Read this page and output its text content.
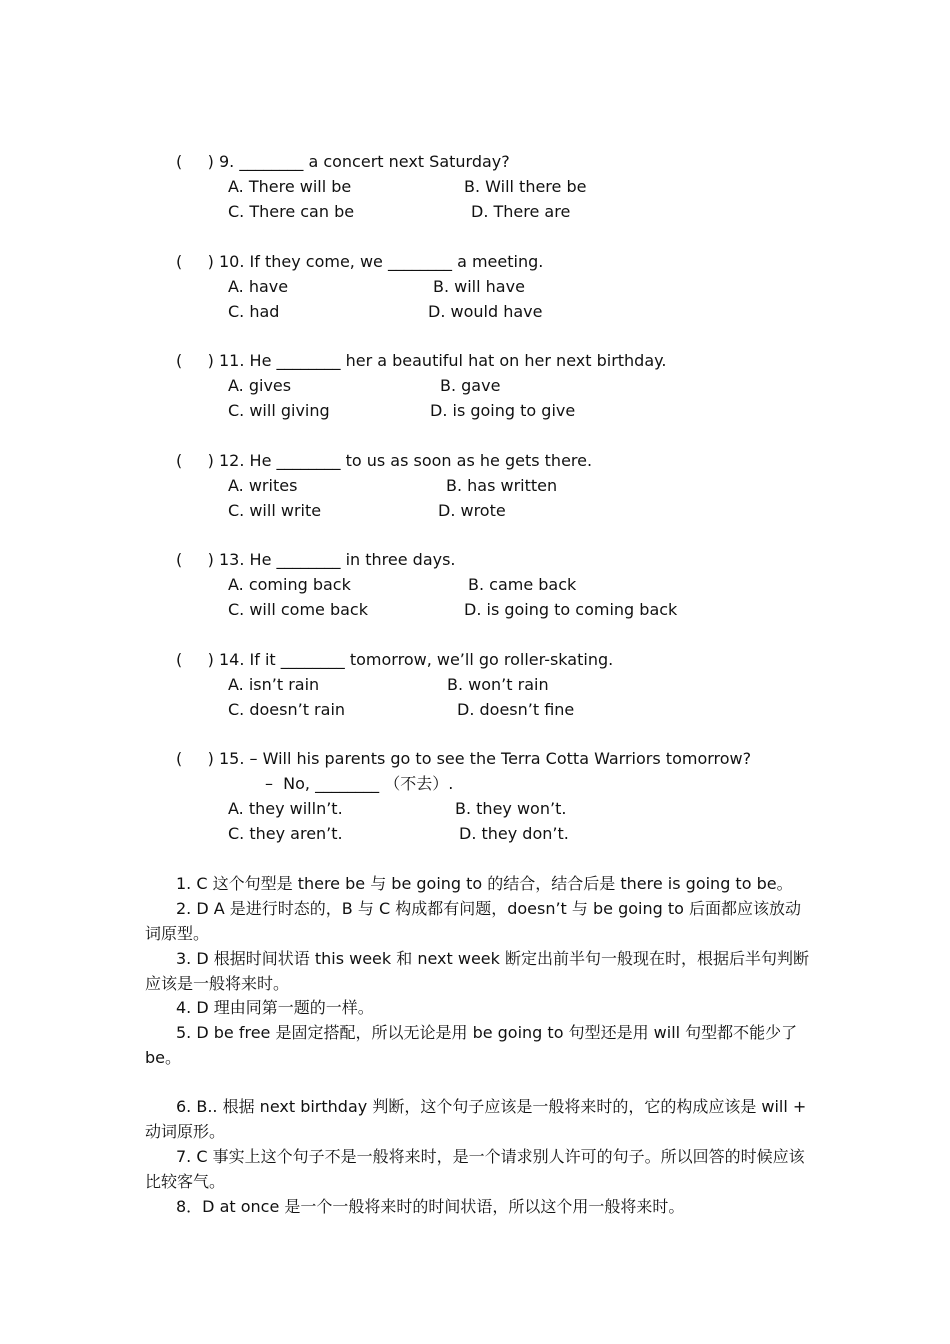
(     ) 9. ________ a concert next Saturday?
A. There will be	B. Will there be
C. There can be	D. There are
(     ) 10. If they come, we ________ a meeting.
A. have	B. will have
C. had	D. would have
(     ) 11. He ________ her a beautiful hat on her next birthday.
A. gives	B. gave
C. will giving	D. is going to give
(     ) 12. He ________ to us as soon as he gets there.
A. writes	B. has written
C. will write	D. wrote
(     ) 13. He ________ in three days.
A. coming back	B. came back
C. will come back	D. is going to coming back
(     ) 14. If it ________ tomorrow, we’ll go roller-skating.
A. isn’t rain	B. won’t rain
C. doesn’t rain	D. doesn’t fine
(     ) 15. – Will his parents go to see the Terra Cotta Warriors tomorrow?
–  No, ________ （不去）.
A. they willn’t.	B. they won’t.
C. they aren’t.	D. they don’t.
1. C 这个句型是 there be 与 be going to 的结合，结合后是 there is going to be。
2. D A 是进行时态的，B 与 C 构成都有问题，doesn’t 与 be going to 后面都应该放动词原型。
3. D 根据时间状语 this week 和 next week 断定出前半句一般现在时，根据后半句判断应该是一般将来时。
4. D 理由同第一题的一样。
5. D be free 是固定搭配，所以无论是用 be going to 句型还是用 will 句型都不能少了 be。
6. B.. 根据 next birthday 判断，这个句子应该是一般将来时的，它的构成应该是 will + 动词原形。
7. C 事实上这个句子不是一般将来时，是一个请求别人许可的句子。所以回答的时候应该比较客气。
8．D at once 是一个一般将来时的时间状语，所以这个用一般将来时。
